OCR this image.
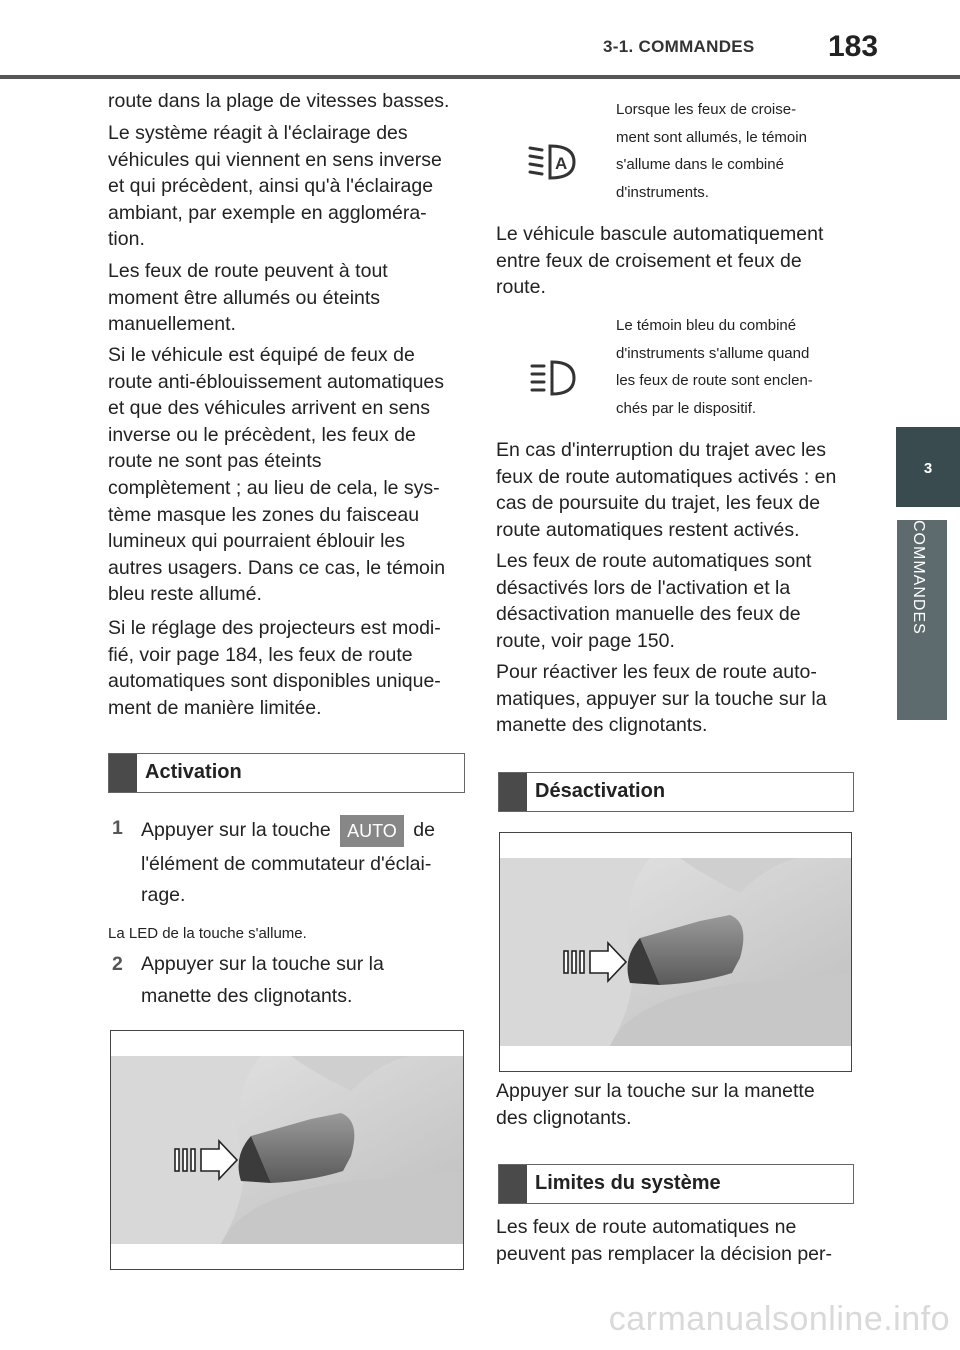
3-1. COMMANDES 183
3
COMMANDES
route dans la plage de vitesses basses.
Le système réagit à l'éclairage des
véhicules qui viennent en sens inverse
et qui précèdent, ainsi qu'à l'éclairage
ambiant, par exemple en aggloméra-
tion.
Les feux de route peuvent à tout
moment être allumés ou éteints
manuellement.
Si le véhicule est équipé de feux de
route anti-éblouissement automatiques
et que des véhicules arrivent en sens
inverse ou le précèdent, les feux de
route ne sont pas éteints
complètement ; au lieu de cela, le sys-
tème masque les zones du faisceau
lumineux qui pourraient éblouir les
autres usagers. Dans ce cas, le témoin
bleu reste allumé.
Si le réglage des projecteurs est modi-
fié, voir page 184, les feux de route
automatiques sont disponibles unique-
ment de manière limitée.
Activation
1 Appuyer sur la touche AUTO de
l'élément de commutateur d'éclai-
rage.
La LED de la touche s'allume.
2 Appuyer sur la touche sur la
manette des clignotants.
A
Lorsque les feux de croise-
ment sont allumés, le témoin
s'allume dans le combiné
d'instruments.
Le véhicule bascule automatiquement
entre feux de croisement et feux de
route.
Le témoin bleu du combiné
d'instruments s'allume quand
les feux de route sont enclen-
chés par le dispositif.
En cas d'interruption du trajet avec les
feux de route automatiques activés : en
cas de poursuite du trajet, les feux de
route automatiques restent activés.
Les feux de route automatiques sont
désactivés lors de l'activation et la
désactivation manuelle des feux de
route, voir page 150.
Pour réactiver les feux de route auto-
matiques, appuyer sur la touche sur la
manette des clignotants.
Désactivation
Appuyer sur la touche sur la manette
des clignotants.
Limites du système
Les feux de route automatiques ne
peuvent pas remplacer la décision per-
carmanualsonline.info
